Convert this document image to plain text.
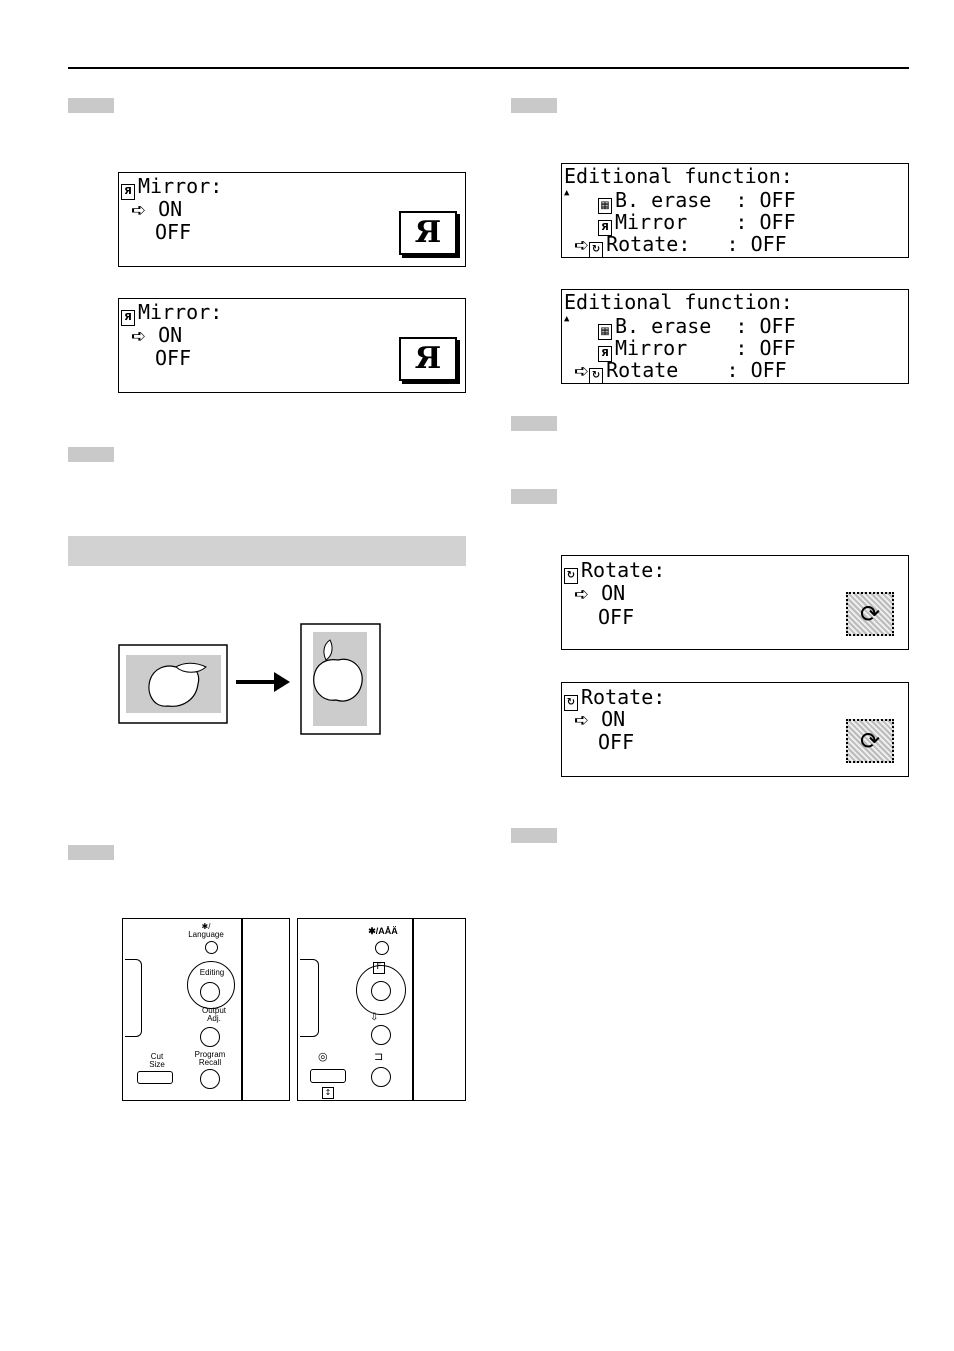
Я Mirror:
➪ ON
OFF	Я
Я Mirror:
➪ ON
OFF	Я
Editional function:
▲
▦ B. erase  : OFF
Я Mirror    : OFF
➪ ↻ Rotate:   : OFF
Editional function:
▲
▦ B. erase  : OFF
Я Mirror    : OFF
➪ ↻ Rotate    : OFF
↻ Rotate:
➪ ON
OFF	⟳
↻ Rotate:
➪ ON
OFF	⟳
✱/
Language
Editing
Output
Adj.
Program
Recall
Cut
Size
✱/AÅÄ
F
⇩
⊐
◎
↕
